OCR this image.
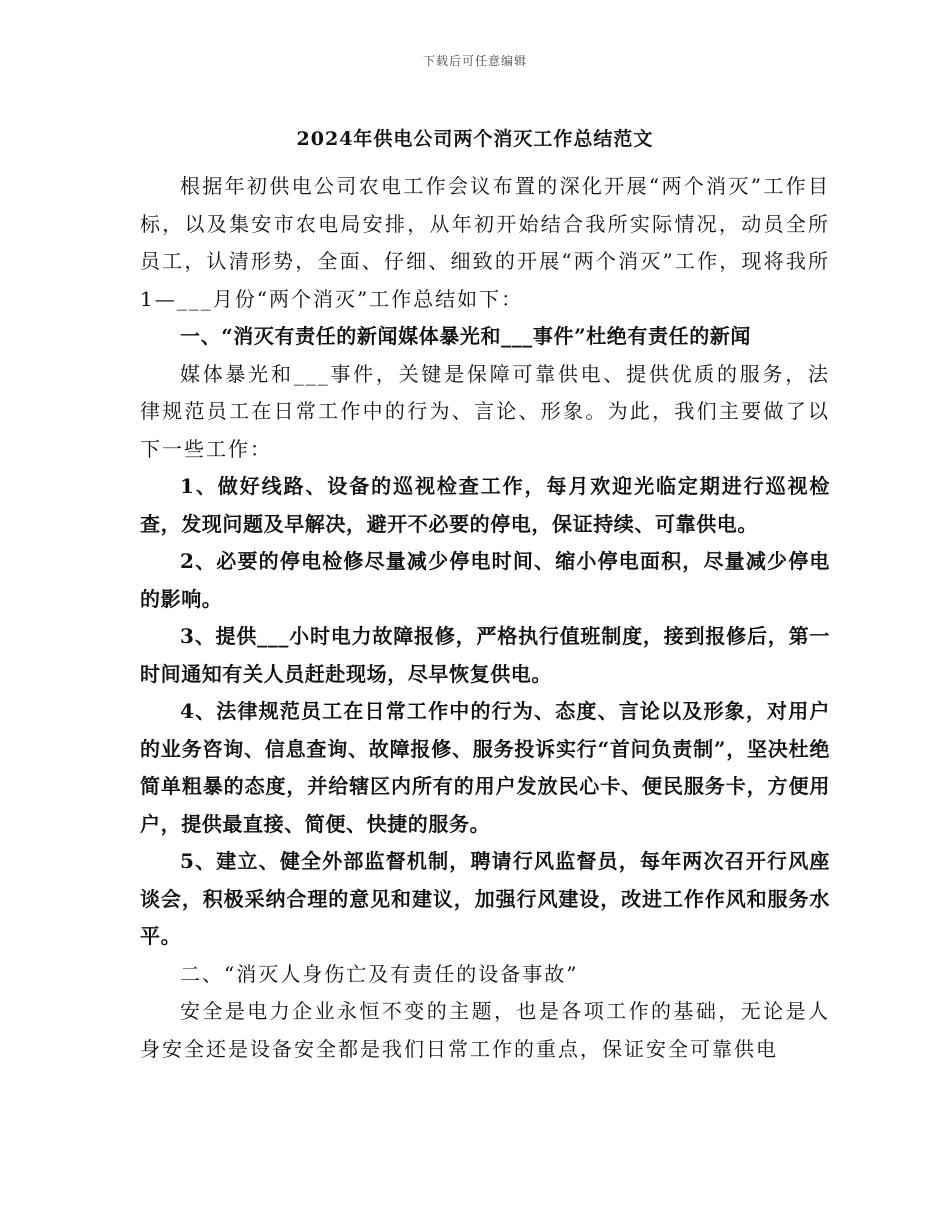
下载后可任意编辑
2024年供电公司两个消灭工作总结范文

根据年初供电公司农电工作会议布置的深化开展“两个消灭”工作目标，以及集安市农电局安排，从年初开始结合我所实际情况，动员全所员工，认清形势，全面、仔细、细致的开展“两个消灭”工作，现将我所1—___月份“两个消灭”工作总结如下：

一、“消灭有责任的新闻媒体暴光和___事件”杜绝有责任的新闻

媒体暴光和___事件，关键是保障可靠供电、提供优质的服务，法律规范员工在日常工作中的行为、言论、形象。为此，我们主要做了以下一些工作：

1、做好线路、设备的巡视检查工作，每月欢迎光临定期进行巡视检查，发现问题及早解决，避开不必要的停电，保证持续、可靠供电。

2、必要的停电检修尽量减少停电时间、缩小停电面积，尽量减少停电的影响。

3、提供___小时电力故障报修，严格执行值班制度，接到报修后，第一时间通知有关人员赶赴现场，尽早恢复供电。

4、法律规范员工在日常工作中的行为、态度、言论以及形象，对用户的业务咨询、信息查询、故障报修、服务投诉实行“首问负责制”，坚决杜绝简单粗暴的态度，并给辖区内所有的用户发放民心卡、便民服务卡，方便用户，提供最直接、简便、快捷的服务。

5、建立、健全外部监督机制，聘请行风监督员，每年两次召开行风座谈会，积极采纳合理的意见和建议，加强行风建设，改进工作作风和服务水平。

二、“消灭人身伤亡及有责任的设备事故”

安全是电力企业永恒不变的主题，也是各项工作的基础，无论是人身安全还是设备安全都是我们日常工作的重点，保证安全可靠供电
